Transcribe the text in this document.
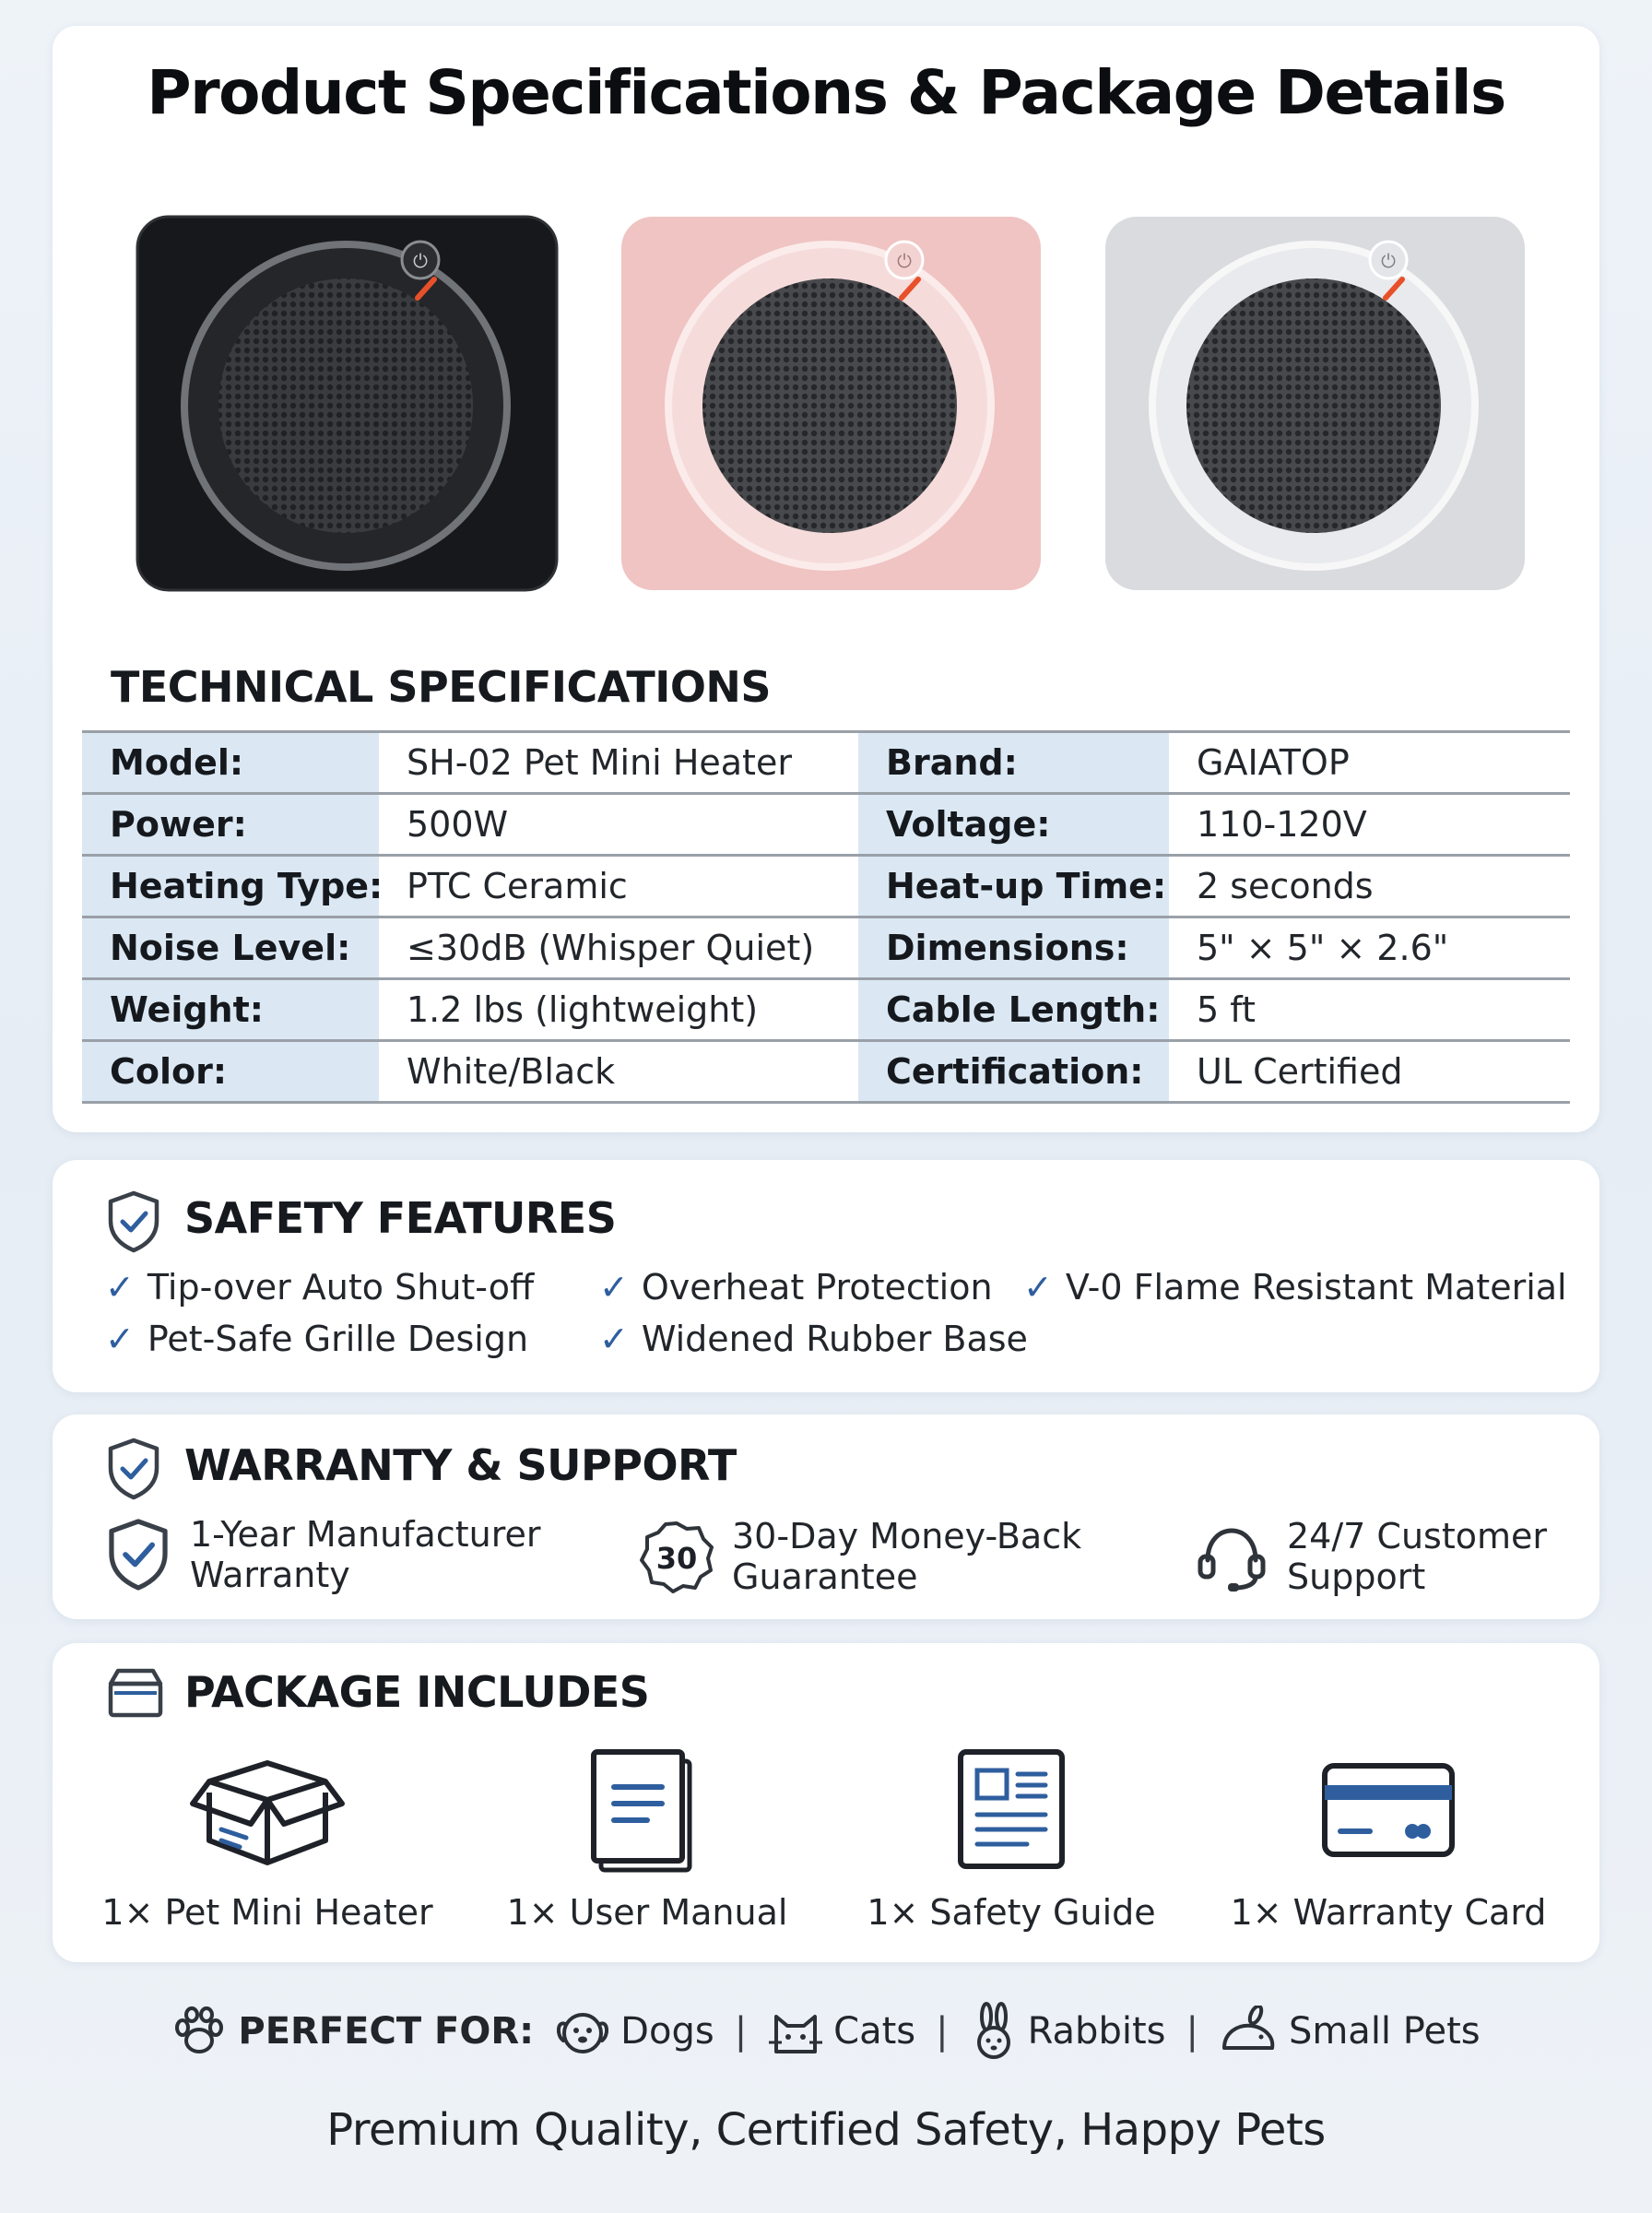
Product Specifications & Package Details
⏻	⏻	⏻
TECHNICAL SPECIFICATIONS
Model:	SH-02 Pet Mini Heater	Brand:	GAIATOP
Power:	500W	Voltage:	110-120V
Heating Type:	PTC Ceramic	Heat-up Time:	2 seconds
Noise Level:	≤30dB (Whisper Quiet)	Dimensions:	5" × 5" × 2.6"
Weight:	1.2 lbs (lightweight)	Cable Length:	5 ft
Color:	White/Black	Certification:	UL Certified
SAFETY FEATURES
✓ Tip-over Auto Shut-off ✓ Overheat Protection ✓ V-0 Flame Resistant Material
✓ Pet-Safe Grille Design ✓ Widened Rubber Base
WARRANTY & SUPPORT
1-Year Manufacturer
Warranty	30
30-Day Money-Back
Guarantee
24/7 Customer
Support
PACKAGE INCLUDES
1× Pet Mini Heater	1× User Manual	1× Safety Guide	1× Warranty Card
PERFECT FOR: Dogs | Cats | Rabbits | Small Pets

Premium Quality, Certified Safety, Happy Pets
